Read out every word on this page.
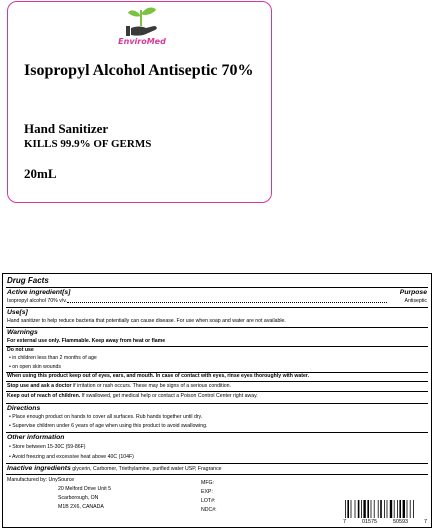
EnviroMed
Isopropyl Alcohol Antiseptic 70%
Hand Sanitizer
KILLS 99.9% OF GERMS
20mL
Drug Facts
Active ingredient[s]	Purpose
Isopropyl alcohol 70% v/v.	Antiseptic
Use[s]
Hand sanitizer to help reduce bacteria that potentially can cause disease. For use when soap and water are not available.
Warnings
For external use only. Flammable. Keep away from heat or flame
Do not use
• in children less than 2 months of age
• on open skin wounds
When using this product keep out of eyes, ears, and mouth. In case of contact with eyes, rinse eyes thoroughly with water.
Stop use and ask a doctor if irritation or rash occurs. These may be signs of a serious condition.
Keep out of reach of children. If swallowed, get medical help or contact a Poison Control Center right away.
Directions
• Place enough product on hands to cover all surfaces. Rub hands together until dry.
• Supervise children under 6 years of age when using this product to avoid swallowing.
Other information
• Store between 15-30C (59-86F)
• Avoid freezing and excessive heat above 40C (104F)
Inactive ingredients glycerin, Carbomer, Triethylamine, purified water USP, Fragrance
Manufactured by: UnySource
20 Melford Drive Unit 5
Scarborough, ON
M1B 2X6, CANADA
MFG:
EXP:
LOT#:
NDC#:
7	01575	50593	7
